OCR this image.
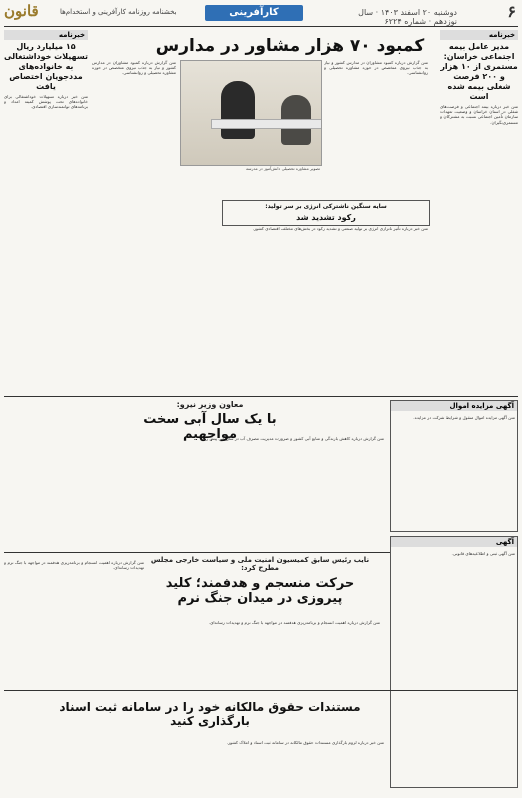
۶
قانون	کارآفرینی	دوشنبه ۲۰ اسفند ۱۴۰۳ · سال نوزدهم · شماره ۶۲۲۴
بخشنامه روزنامه کارآفرینی و استخدام‌ها
خبرنامه
مدیر عامل بیمه اجتماعی خراسان: مستمری از ۱۰ هزار و ۲۰۰ فرصت شغلی بیمه شده است
متن خبر درباره بیمه اجتماعی و فرصت‌های شغلی در استان خراسان و وضعیت تعهدات سازمان تأمین اجتماعی نسبت به مشترکان و مستمری‌بگیران.
خبرنامه
۱۵ میلیارد ریال تسهیلات خوداشتغالی به خانواده‌های مددجویان اختصاص یافت
متن خبر درباره تسهیلات خوداشتغالی برای خانواده‌های تحت پوشش کمیته امداد و برنامه‌های توانمندسازی اقتصادی.
کمبود ۷۰ هزار مشاور در مدارس
تصویر مشاوره تحصیلی دانش‌آموز در مدرسه
متن گزارش درباره کمبود مشاوران در مدارس کشور و نیاز به جذب نیروی متخصص در حوزه مشاوره تحصیلی و روانشناسی.
متن گزارش درباره کمبود مشاوران در مدارس کشور و نیاز به جذب نیروی متخصص در حوزه مشاوره تحصیلی و روانشناسی.
سایه سنگین ناشترکی انرژی بر سر تولید:
رکود تشدید شد
متن خبر درباره تأثیر ناترازی انرژی بر تولید صنعتی و تشدید رکود در بخش‌های مختلف اقتصادی کشور.
معاون وزیر نیرو:
با یک سال آبی سخت مواجهیم
متن گزارش درباره کاهش بارندگی و منابع آبی کشور و ضرورت مدیریت مصرف آب در سال آبی پیش رو.
آگهی مزایده اموال
متن آگهی مزایده اموال منقول و شرایط شرکت در مزایده.
نایب رئیس سابق کمیسیون امنیت ملی و سیاست خارجی مجلس مطرح کرد:
حرکت منسجم و هدفمند؛ کلید پیروزی در میدان جنگ نرم
متن گزارش درباره اهمیت انسجام و برنامه‌ریزی هدفمند در مواجهه با جنگ نرم و تهدیدات رسانه‌ای.
متن گزارش درباره اهمیت انسجام و برنامه‌ریزی هدفمند در مواجهه با جنگ نرم و تهدیدات رسانه‌ای.
آگهی
متن آگهی ثبتی و اطلاعیه‌های قانونی.
مستندات حقوق مالکانه خود را در سامانه ثبت اسناد بارگذاری کنید
متن خبر درباره لزوم بارگذاری مستندات حقوق مالکانه در سامانه ثبت اسناد و املاک کشور.
